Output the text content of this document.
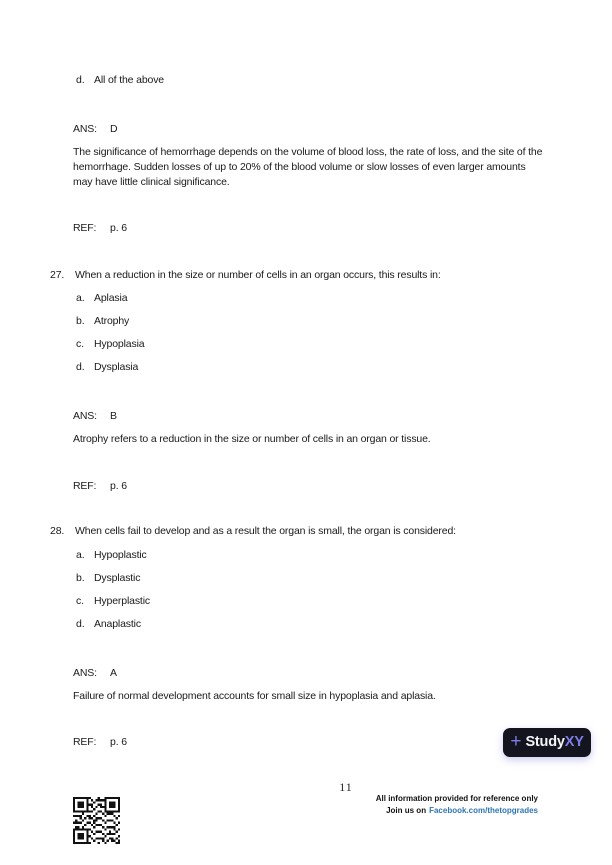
d. All of the above
ANS: D
The significance of hemorrhage depends on the volume of blood loss, the rate of loss, and the site of the hemorrhage. Sudden losses of up to 20% of the blood volume or slow losses of even larger amounts may have little clinical significance.
REF: p. 6
27. When a reduction in the size or number of cells in an organ occurs, this results in:
a. Aplasia
b. Atrophy
c. Hypoplasia
d. Dysplasia
ANS: B
Atrophy refers to a reduction in the size or number of cells in an organ or tissue.
REF: p. 6
28. When cells fail to develop and as a result the organ is small, the organ is considered:
a. Hypoplastic
b. Dysplastic
c. Hyperplastic
d. Anaplastic
ANS: A
Failure of normal development accounts for small size in hypoplasia and aplasia.
REF: p. 6	+ StudyXY
11
All information provided for reference only
Join us on Facebook.com/thetopgrades
